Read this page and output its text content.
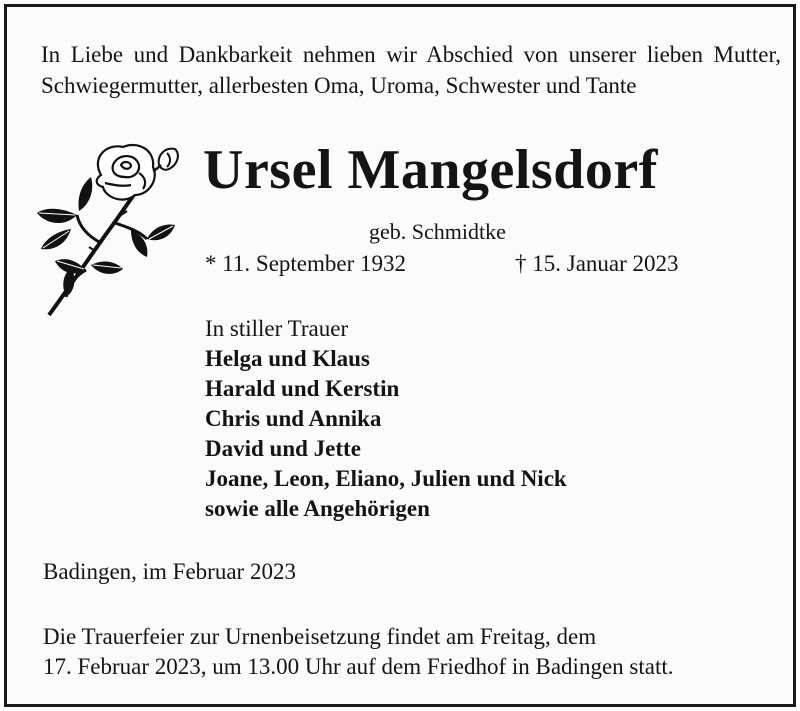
In Liebe und Dankbarkeit nehmen wir Abschied von unserer lieben Mutter, Schwiegermutter, allerbesten Oma, Uroma, Schwester und Tante
Ursel Mangelsdorf
geb. Schmidtke
* 11. September 1932	† 15. Januar 2023
In stiller Trauer
Helga und Klaus
Harald und Kerstin
Chris und Annika
David und Jette
Joane, Leon, Eliano, Julien und Nick
sowie alle Angehörigen
Badingen, im Februar 2023
Die Trauerfeier zur Urnenbeisetzung findet am Freitag, dem
17. Februar 2023, um 13.00 Uhr auf dem Friedhof in Badingen statt.
